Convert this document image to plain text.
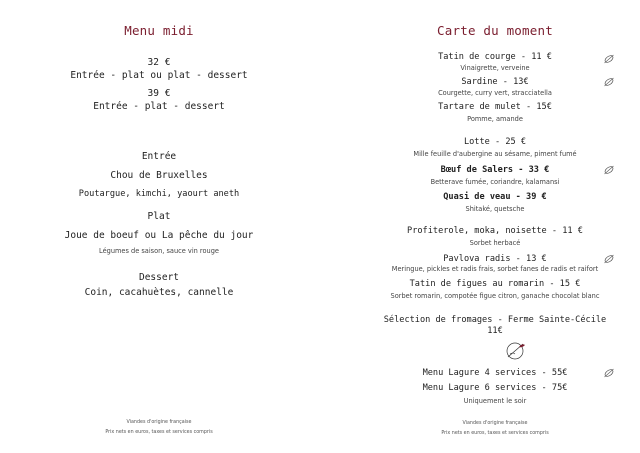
Menu midi
32 €
Entrée - plat ou plat - dessert
39 €
Entrée - plat - dessert
Entrée
Chou de Bruxelles
Poutargue, kimchi, yaourt aneth
Plat
Joue de boeuf ou La pêche du jour
Légumes de saison, sauce vin rouge
Dessert
Coin, cacahuètes, cannelle
Viandes d'origine française
Prix nets en euros, taxes et services compris
Carte du moment
Tatin de courge - 11 €
Vinaigrette, verveine
Sardine - 13€
Courgette, curry vert, stracciatella
Tartare de mulet - 15€
Pomme, amande
Lotte - 25 €
Mille feuille d'aubergine au sésame, piment fumé
Bœuf de Salers - 33 €
Betterave fumée, coriandre, kalamansi
Quasi de veau - 39 €
Shitaké, quetsche
Profiterole, moka, noisette - 11 €
Sorbet herbacé
Pavlova radis - 13 €
Meringue, pickles et radis frais, sorbet fanes de radis et raifort
Tatin de figues au romarin - 15 €
Sorbet romarin, compotée figue citron, ganache chocolat blanc
Sélection de fromages - Ferme Sainte-Cécile
11€
Menu Lagure 4 services - 55€
Menu Lagure 6 services - 75€
Uniquement le soir
Viandes d'origine française
Prix nets en euros, taxes et services compris
